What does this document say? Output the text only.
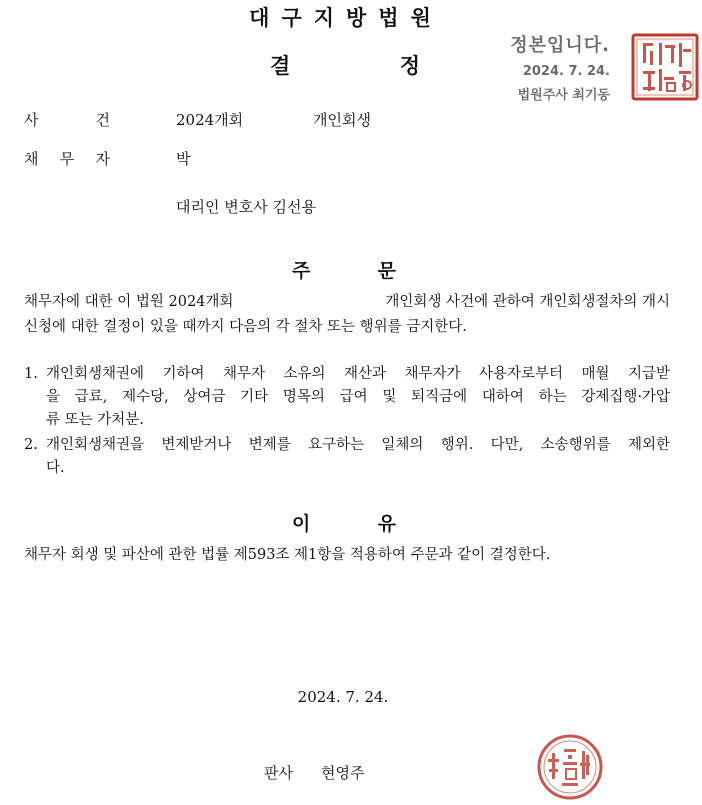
대구지방법원
결	정
정본입니다.
2024. 7. 24.
법원주사 최기동
사	건	2024개회	개인회생
채 무 자	박
대리인 변호사 김선용
주	문
채무자에 대한 이 법원 2024개회	개인회생 사건에 관하여 개인회생절차의 개시
신청에 대한 결정이 있을 때까지 다음의 각 절차 또는 행위를 금지한다.
1. 개인회생채권에 기하여 채무자 소유의 재산과 채무자가 사용자로부터 매월 지급받
을 급료, 제수당, 상여금 기타 명목의 급여 및 퇴직금에 대하여 하는 강제집행·가압
류 또는 가처분.
2. 개인회생채권을 변제받거나 변제를 요구하는 일체의 행위. 다만, 소송행위를 제외한
다.
이	유
채무자 회생 및 파산에 관한 법률 제593조 제1항을 적용하여 주문과 같이 결정한다.
2024. 7. 24.
판사 현영주
